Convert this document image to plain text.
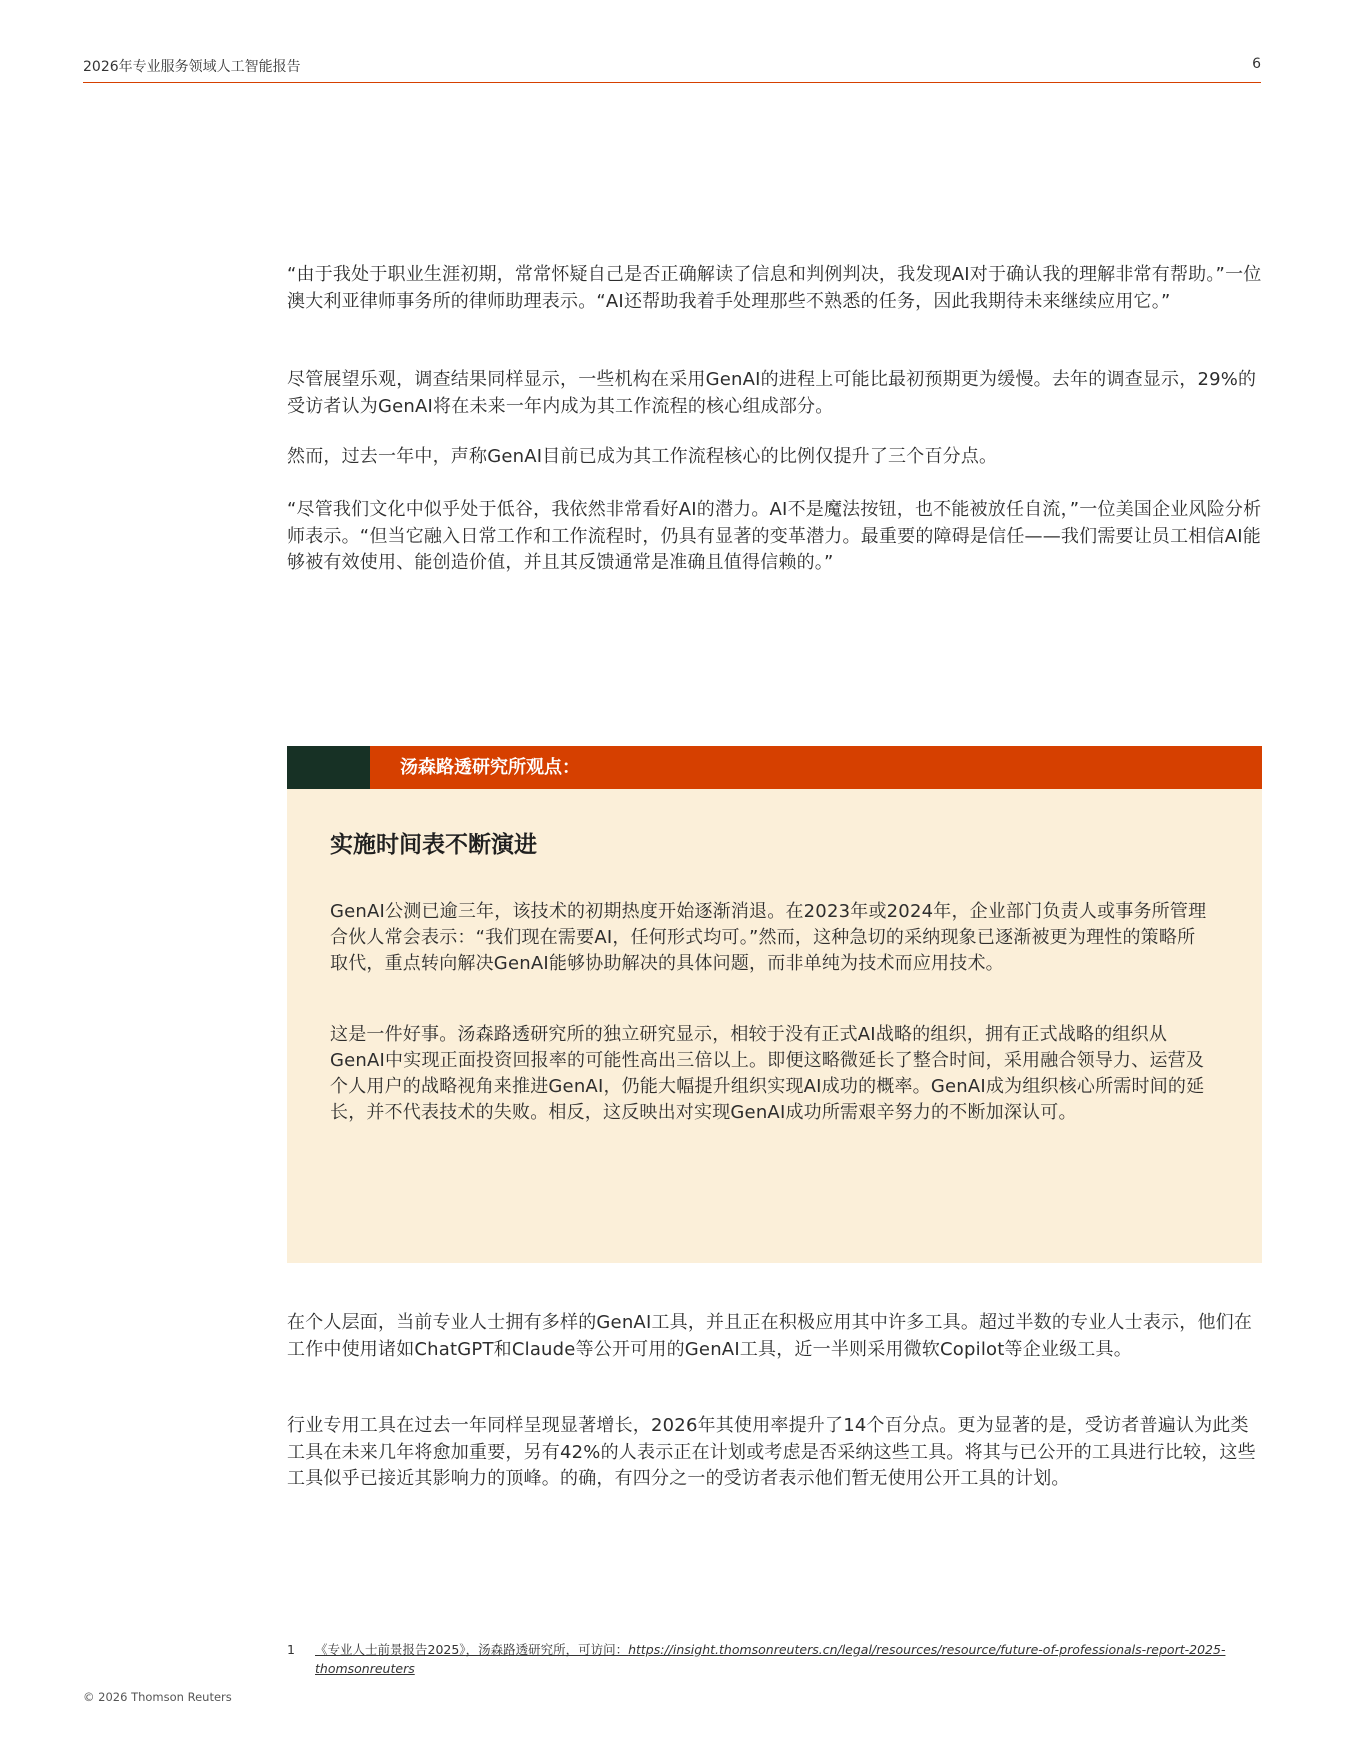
2026年专业服务领域人工智能报告	6

“由于我处于职业生涯初期，常常怀疑自己是否正确解读了信息和判例判决，我发现AI对于确认我的理解非常有帮助。”一位澳大利亚律师事务所的律师助理表示。“AI还帮助我着手处理那些不熟悉的任务，因此我期待未来继续应用它。”

尽管展望乐观，调查结果同样显示，一些机构在采用GenAI的进程上可能比最初预期更为缓慢。去年的调查显示，29%的受访者认为GenAI将在未来一年内成为其工作流程的核心组成部分。

然而，过去一年中，声称GenAI目前已成为其工作流程核心的比例仅提升了三个百分点。

“尽管我们文化中似乎处于低谷，我依然非常看好AI的潜力。AI不是魔法按钮，也不能被放任自流，”一位美国企业风险分析师表示。“但当它融入日常工作和工作流程时，仍具有显著的变革潜力。最重要的障碍是信任——我们需要让员工相信AI能够被有效使用、能创造价值，并且其反馈通常是准确且值得信赖的。”

汤森路透研究所观点：
实施时间表不断演进

GenAI公测已逾三年，该技术的初期热度开始逐渐消退。在2023年或2024年，企业部门负责人或事务所管理合伙人常会表示：“我们现在需要AI，任何形式均可。”然而，这种急切的采纳现象已逐渐被更为理性的策略所取代，重点转向解决GenAI能够协助解决的具体问题，而非单纯为技术而应用技术。

这是一件好事。汤森路透研究所的独立研究显示，相较于没有正式AI战略的组织，拥有正式战略的组织从GenAI中实现正面投资回报率的可能性高出三倍以上。即便这略微延长了整合时间，采用融合领导力、运营及个人用户的战略视角来推进GenAI，仍能大幅提升组织实现AI成功的概率。GenAI成为组织核心所需时间的延长，并不代表技术的失败。相反，这反映出对实现GenAI成功所需艰辛努力的不断加深认可。

在个人层面，当前专业人士拥有多样的GenAI工具，并且正在积极应用其中许多工具。超过半数的专业人士表示，他们在工作中使用诸如ChatGPT和Claude等公开可用的GenAI工具，近一半则采用微软Copilot等企业级工具。

行业专用工具在过去一年同样呈现显著增长，2026年其使用率提升了14个百分点。更为显著的是，受访者普遍认为此类工具在未来几年将愈加重要，另有42%的人表示正在计划或考虑是否采纳这些工具。将其与已公开的工具进行比较，这些工具似乎已接近其影响力的顶峰。的确，有四分之一的受访者表示他们暂无使用公开工具的计划。

1 《专业人士前景报告2025》，汤森路透研究所，可访问：https://insight.thomsonreuters.cn/legal/resources/resource/future-of-professionals-report-2025-thomsonreuters
© 2026 Thomson Reuters
